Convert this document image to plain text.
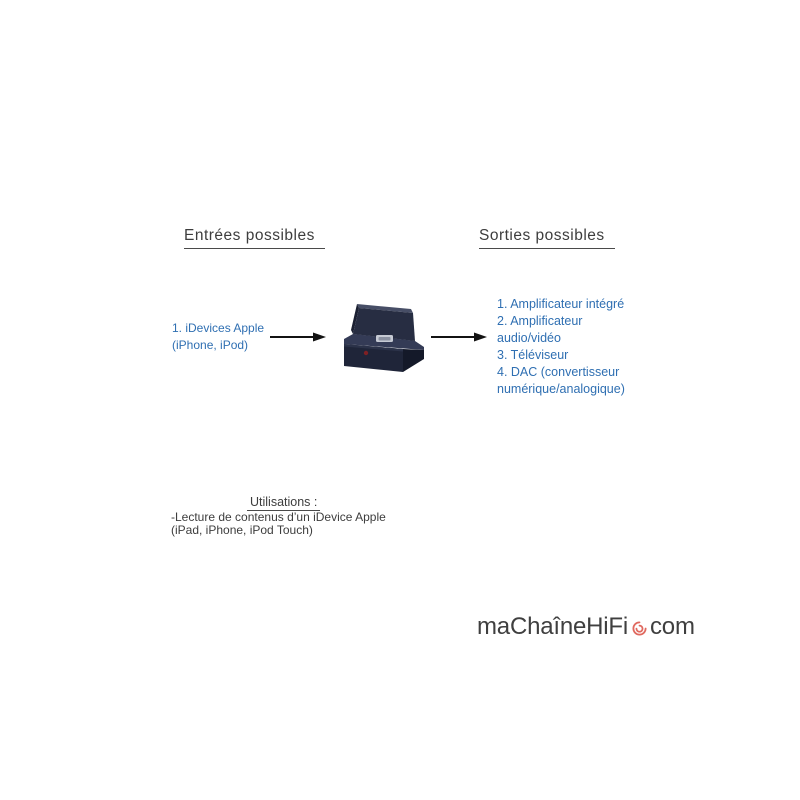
Entrées possibles	Sorties possibles
1. iDevices Apple
(iPhone, iPod)
1. Amplificateur intégré
2. Amplificateur
audio/vidéo
3. Téléviseur
4. DAC (convertisseur
numérique/analogique)
Utilisations :
-Lecture de contenus d’un iDevice Apple
(iPad, iPhone, iPod Touch)
maChaîneHiFi com
